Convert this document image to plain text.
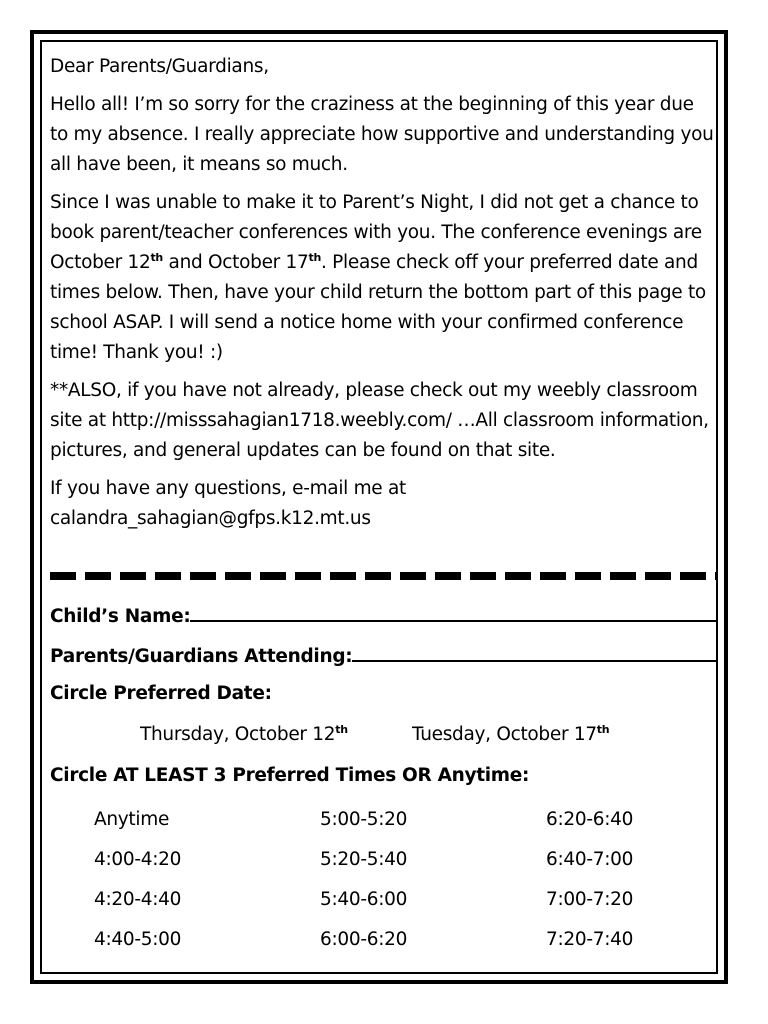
Dear Parents/Guardians,

Hello all! I’m so sorry for the craziness at the beginning of this year due to my absence. I really appreciate how supportive and understanding you all have been, it means so much.

Since I was unable to make it to Parent’s Night, I did not get a chance to book parent/teacher conferences with you. The conference evenings are October 12th and October 17th. Please check off your preferred date and times below. Then, have your child return the bottom part of this page to school ASAP. I will send a notice home with your confirmed conference time! Thank you! :)

**ALSO, if you have not already, please check out my weebly classroom site at http://misssahagian1718.weebly.com/ …All classroom information, pictures, and general updates can be found on that site.

If you have any questions, e-mail me at
calandra_sahagian@gfps.k12.mt.us

Child’s Name:
Parents/Guardians Attending:
Circle Preferred Date:
Thursday, October 12th	Tuesday, October 17th
Circle AT LEAST 3 Preferred Times OR Anytime:
Anytime	5:00-5:20	6:20-6:40
4:00-4:20	5:20-5:40	6:40-7:00
4:20-4:40	5:40-6:00	7:00-7:20
4:40-5:00	6:00-6:20	7:20-7:40
